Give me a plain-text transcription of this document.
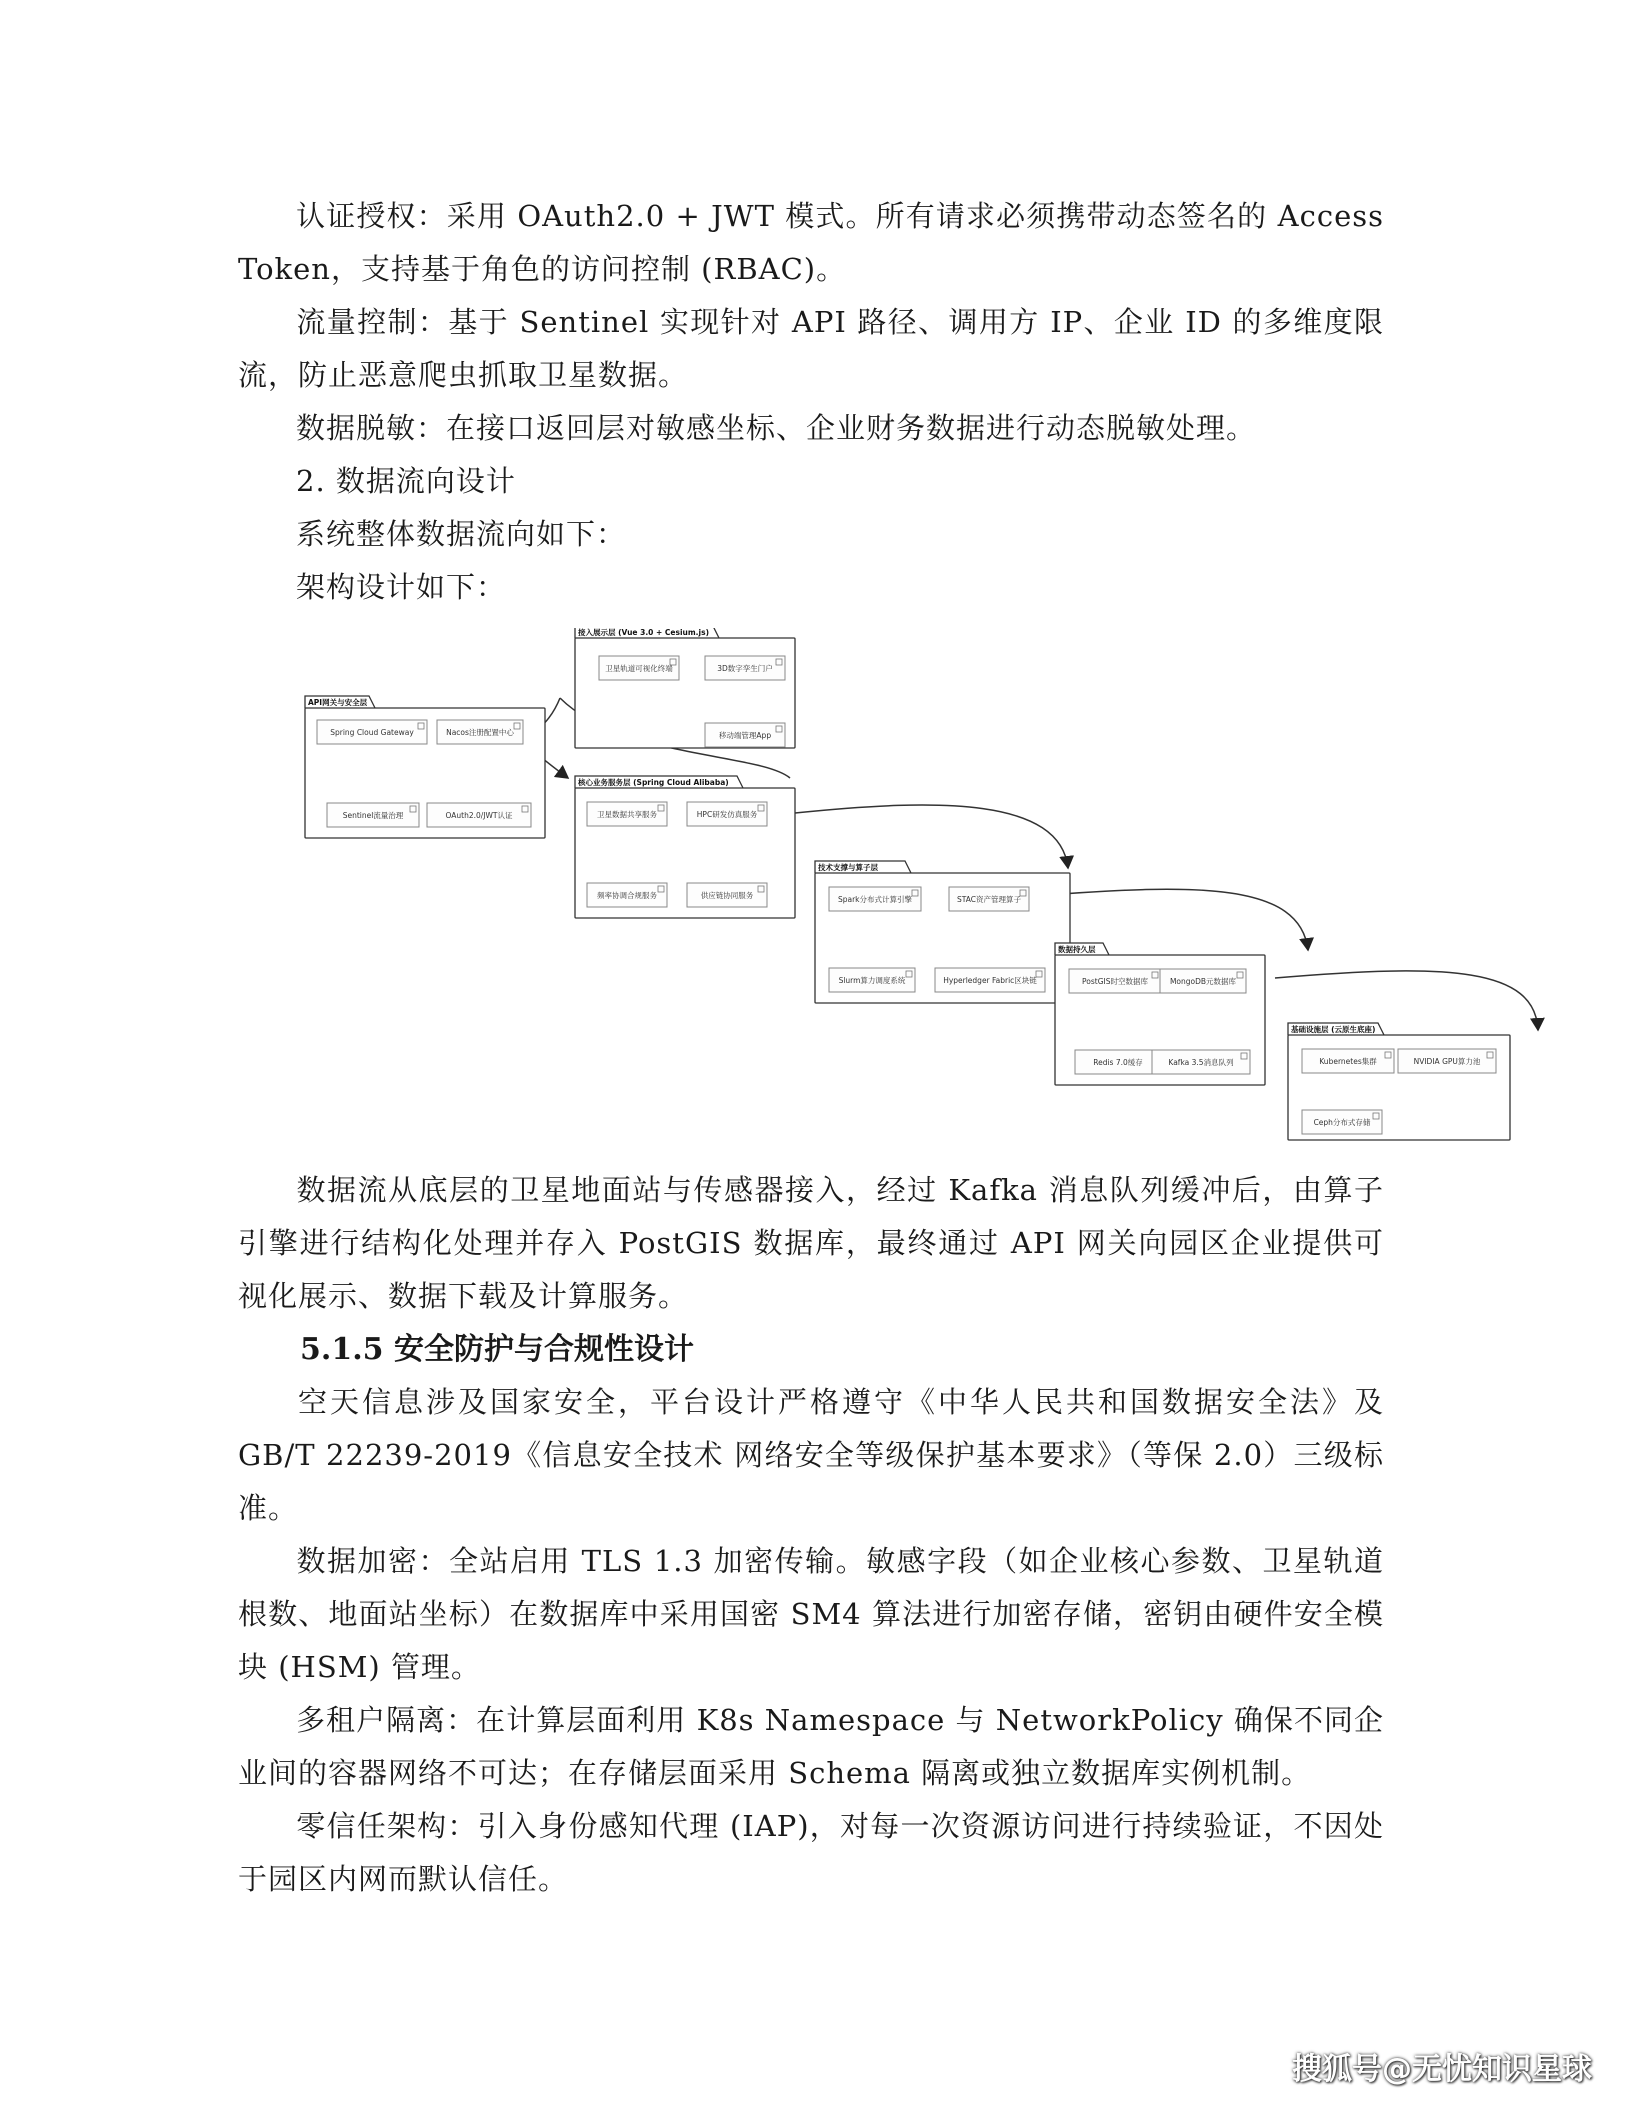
认证授权：采用 OAuth2.0 + JWT 模式。所有请求必须携带动态签名的 Access Token，支持基于角色的访问控制 (RBAC)。

流量控制：基于 Sentinel 实现针对 API 路径、调用方 IP、企业 ID 的多维度限流，防止恶意爬虫抓取卫星数据。

数据脱敏：在接口返回层对敏感坐标、企业财务数据进行动态脱敏处理。

2. 数据流向设计

系统整体数据流向如下：

架构设计如下：

API网关与安全层
Spring Cloud Gateway	Nacos注册配置中心
Sentinel流量治理	OAuth2.0/JWT认证
接入展示层 (Vue 3.0 + Cesium.js)
卫星轨道可视化终端	3D数字孪生门户
移动端管理App
核心业务服务层 (Spring Cloud Alibaba)
卫星数据共享服务	HPC研发仿真服务
频率协调合规服务	供应链协同服务
技术支撑与算子层
Spark分布式计算引擎	STAC资产管理算子
Slurm算力调度系统	Hyperledger Fabric区块链
数据持久层
PostGIS时空数据库	MongoDB元数据库
Redis 7.0缓存	Kafka 3.5消息队列
基础设施层 (云原生底座)
Kubernetes集群	NVIDIA GPU算力池
Ceph分布式存储

数据流从底层的卫星地面站与传感器接入，经过 Kafka 消息队列缓冲后，由算子引擎进行结构化处理并存入 PostGIS 数据库，最终通过 API 网关向园区企业提供可视化展示、数据下载及计算服务。

5.1.5 安全防护与合规性设计

空天信息涉及国家安全，平台设计严格遵守《中华人民共和国数据安全法》及 GB/T 22239-2019《信息安全技术 网络安全等级保护基本要求》（等保 2.0）三级标准。

数据加密：全站启用 TLS 1.3 加密传输。敏感字段（如企业核心参数、卫星轨道根数、地面站坐标）在数据库中采用国密 SM4 算法进行加密存储，密钥由硬件安全模块 (HSM) 管理。

多租户隔离：在计算层面利用 K8s Namespace 与 NetworkPolicy 确保不同企业间的容器网络不可达；在存储层面采用 Schema 隔离或独立数据库实例机制。

零信任架构：引入身份感知代理 (IAP)，对每一次资源访问进行持续验证，不因处于园区内网而默认信任。

搜狐号@无忧知识星球
